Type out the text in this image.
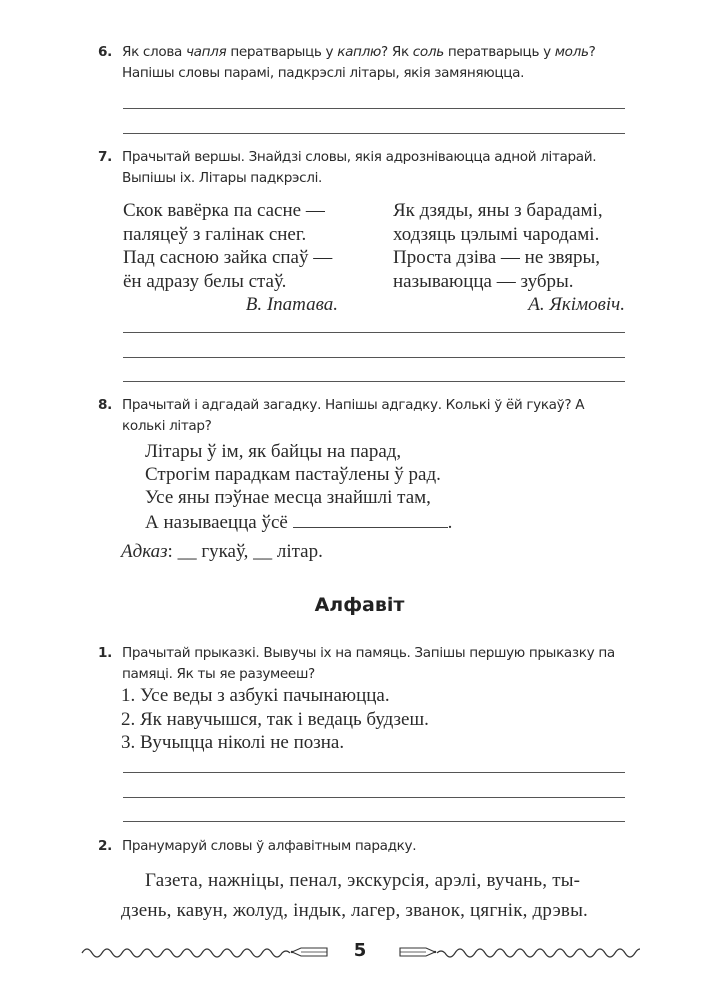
6. Як слова чапля ператварыць у каплю? Як соль ператварыць у моль? Напішы словы парамі, падкрэслі літары, якія замяняюцца.
7. Прачытай вершы. Знайдзі словы, якія адрозніваюцца адной літарай. Выпішы іх. Літары падкрэслі.
Скок вавёрка па сасне —
паляцеў з галінак снег.
Пад сасною зайка спаў —
ён адразу белы стаў.
В. Іпатава.
Як дзяды, яны з барадамі,
ходзяць цэлымі чародамі.
Проста дзіва — не звяры,
называюцца — зубры.
А. Якімовіч.
8. Прачытай і адгадай загадку. Напішы адгадку. Колькі ў ёй гукаў? А колькі літар?
Літары ў ім, як байцы на парад,
Строгім парадкам пастаўлены ў рад.
Усе яны пэўнае месца знайшлі там,
А называецца ўсё	.
Адказ: __ гукаў, __ літар.
Алфавіт
1. Прачытай прыказкі. Вывучы іх на памяць. Запішы першую прыказку па памяці. Як ты яе разумееш?
1. Усе веды з азбукі пачынаюцца.
2. Як навучышся, так і ведаць будзеш.
3. Вучыцца ніколі не позна.
2. Пранумаруй словы ў алфавітным парадку.
Газета, нажніцы, пенал, экскурсія, арэлі, вучань, ты-
дзень, кавун, жолуд, індык, лагер, званок, цягнік, дрэвы.
5
